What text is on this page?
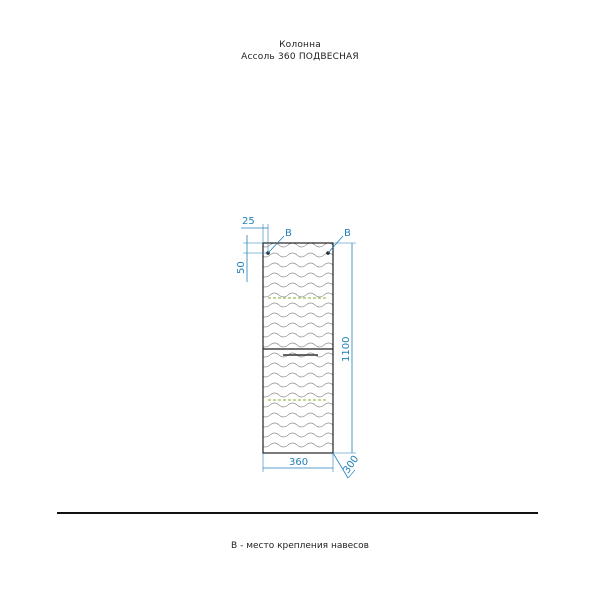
Колонна
Ассоль 360 ПОДВЕСНАЯ
В	В
25
50
1100
360	300
В - место крепления навесов
